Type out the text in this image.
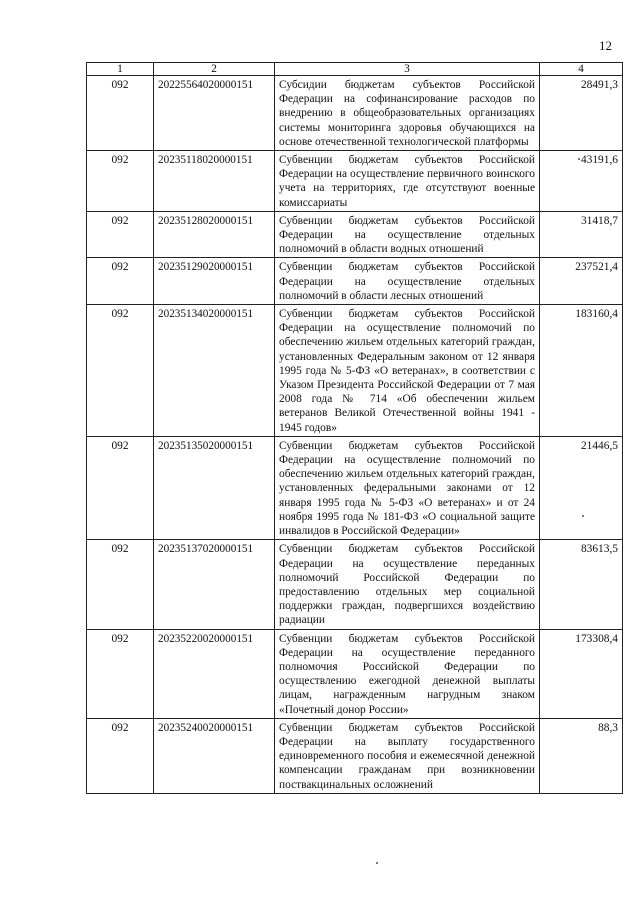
12
1	2	3	4
092	20225564020000151	Субсидии бюджетам субъектов Российской Федерации на софинансирование расходов по внедрению в общеобразовательных организациях системы мониторинга здоровья обучающихся на основе отечественной технологической платформы	28491,3
092	20235118020000151	Субвенции бюджетам субъектов Российской Федерации на осуществление первичного воинского учета на территориях, где отсутствуют военные комиссариаты	43191,6
092	20235128020000151	Субвенции бюджетам субъектов Российской Федерации на осуществление отдельных полномочий в области водных отношений	31418,7
092	20235129020000151	Субвенции бюджетам субъектов Российской Федерации на осуществление отдельных полномочий в области лесных отношений	237521,4
092	20235134020000151	Субвенции бюджетам субъектов Российской Федерации на осуществление полномочий по обеспечению жильем отдельных категорий граждан, установленных Федеральным законом от 12 января 1995 года № 5-ФЗ «О ветеранах», в соответствии с Указом Президента Российской Федерации от 7 мая 2008 года № 714 «Об обеспечении жильем ветеранов Великой Отечественной войны 1941 - 1945 годов»	183160,4
092	20235135020000151	Субвенции бюджетам субъектов Российской Федерации на осуществление полномочий по обеспечению жильем отдельных категорий граждан, установленных федеральными законами от 12 января 1995 года № 5-ФЗ «О ветеранах» и от 24 ноября 1995 года № 181-ФЗ «О социальной защите инвалидов в Российской Федерации»	21446,5
092	20235137020000151	Субвенции бюджетам субъектов Российской Федерации на осуществление переданных полномочий Российской Федерации по предоставлению отдельных мер социальной поддержки граждан, подвергшихся воздействию радиации	83613,5
092	20235220020000151	Субвенции бюджетам субъектов Российской Федерации на осуществление переданного полномочия Российской Федерации по осуществлению ежегодной денежной выплаты лицам, награжденным нагрудным знаком «Почетный донор России»	173308,4
092	20235240020000151	Субвенции бюджетам субъектов Российской Федерации на выплату государственного единовременного пособия и ежемесячной денежной компенсации гражданам при возникновении поствакцинальных осложнений	88,3
